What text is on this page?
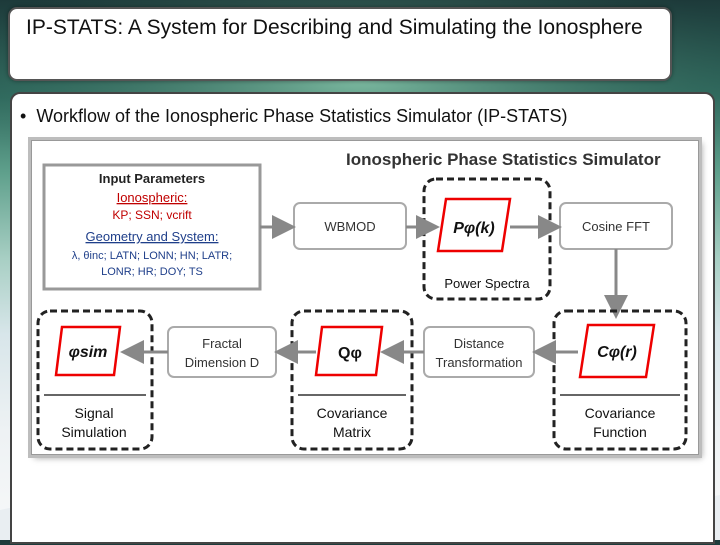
IP-STATS: A System for Describing and Simulating the Ionosphere
• Workflow of the Ionospheric Phase Statistics Simulator (IP-STATS)
Ionospheric Phase Statistics Simulator
Input Parameters
Ionospheric:
KP; SSN; vcrift
Geometry and System:
λ, θinc; LATN; LONN; HN; LATR;
LONR; HR; DOY; TS
WBMOD	Pφ(k)
Power Spectra
Cosine FFT
φsim
Signal
Simulation
Fractal
Dimension D
Qφ
Covariance
Matrix
Distance
Transformation
Cφ(r)
Covariance
Function
8
